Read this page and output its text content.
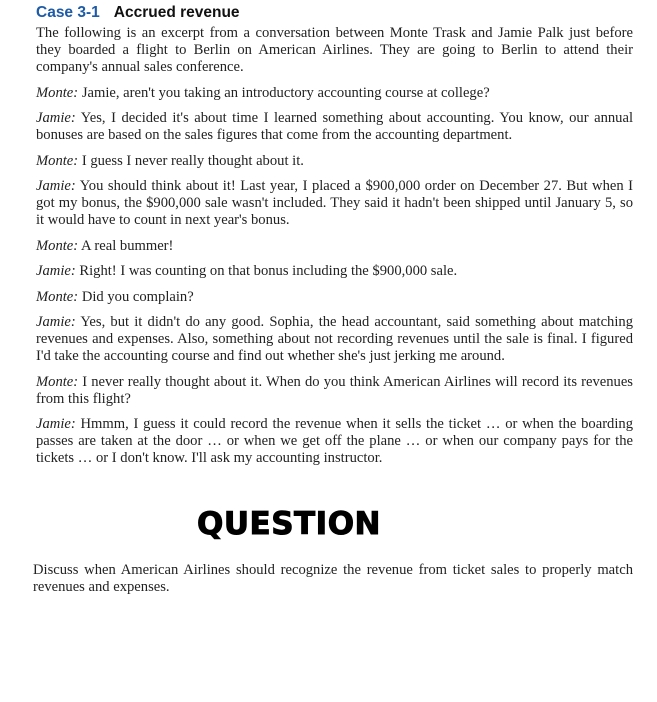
Case 3-1 Accrued revenue

The following is an excerpt from a conversation between Monte Trask and Jamie Palk just before they boarded a flight to Berlin on American Airlines. They are going to Berlin to attend their company's annual sales conference.

Monte: Jamie, aren't you taking an introductory accounting course at college?

Jamie: Yes, I decided it's about time I learned something about accounting. You know, our annual bonuses are based on the sales figures that come from the accounting department.

Monte: I guess I never really thought about it.

Jamie: You should think about it! Last year, I placed a $900,000 order on December 27. But when I got my bonus, the $900,000 sale wasn't included. They said it hadn't been shipped until January 5, so it would have to count in next year's bonus.

Monte: A real bummer!

Jamie: Right! I was counting on that bonus including the $900,000 sale.

Monte: Did you complain?

Jamie: Yes, but it didn't do any good. Sophia, the head accountant, said something about matching revenues and expenses. Also, something about not recording revenues until the sale is final. I figured I'd take the accounting course and find out whether she's just jerking me around.

Monte: I never really thought about it. When do you think American Airlines will record its revenues from this flight?

Jamie: Hmmm, I guess it could record the revenue when it sells the ticket … or when the boarding passes are taken at the door … or when we get off the plane … or when our company pays for the tickets … or I don't know. I'll ask my accounting instructor.

QUESTION

Discuss when American Airlines should recognize the revenue from ticket sales to properly match revenues and expenses.
